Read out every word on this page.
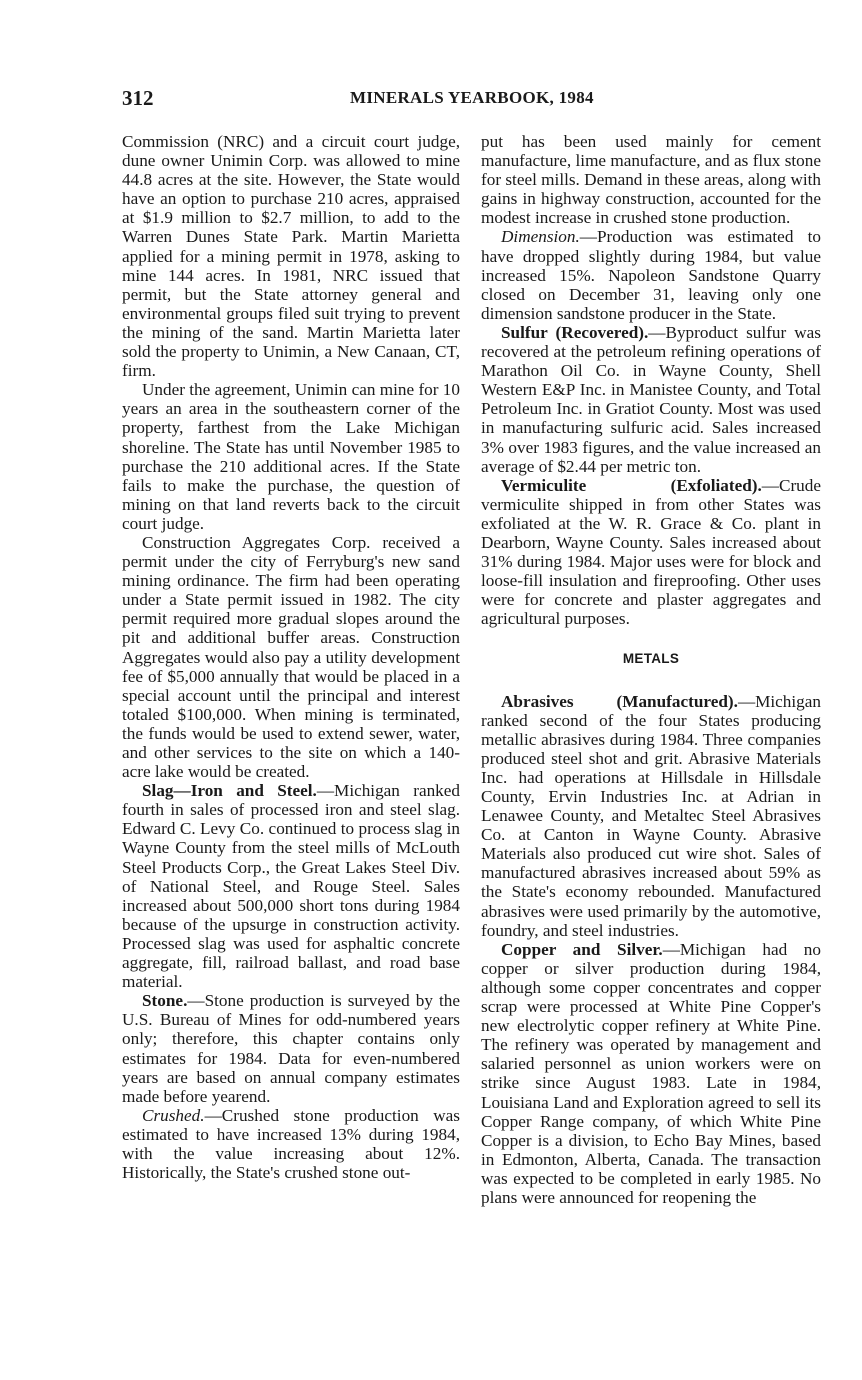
312	MINERALS YEARBOOK, 1984

Commission (NRC) and a circuit court judge, dune owner Unimin Corp. was allowed to mine 44.8 acres at the site. However, the State would have an option to purchase 210 acres, appraised at $1.9 million to $2.7 million, to add to the Warren Dunes State Park. Martin Marietta applied for a mining permit in 1978, asking to mine 144 acres. In 1981, NRC issued that permit, but the State attorney general and environmental groups filed suit trying to prevent the mining of the sand. Martin Marietta later sold the property to Unimin, a New Canaan, CT, firm.

Under the agreement, Unimin can mine for 10 years an area in the southeastern corner of the property, farthest from the Lake Michigan shoreline. The State has until November 1985 to purchase the 210 additional acres. If the State fails to make the purchase, the question of mining on that land reverts back to the circuit court judge.

Construction Aggregates Corp. received a permit under the city of Ferryburg's new sand mining ordinance. The firm had been operating under a State permit issued in 1982. The city permit required more gradual slopes around the pit and additional buffer areas. Construction Aggregates would also pay a utility development fee of $5,000 annually that would be placed in a special account until the principal and interest totaled $100,000. When mining is terminated, the funds would be used to extend sewer, water, and other services to the site on which a 140-acre lake would be created.

Slag—Iron and Steel.—Michigan ranked fourth in sales of processed iron and steel slag. Edward C. Levy Co. continued to process slag in Wayne County from the steel mills of McLouth Steel Products Corp., the Great Lakes Steel Div. of National Steel, and Rouge Steel. Sales increased about 500,000 short tons during 1984 because of the upsurge in construction activity. Processed slag was used for asphaltic concrete aggregate, fill, railroad ballast, and road base material.

Stone.—Stone production is surveyed by the U.S. Bureau of Mines for odd-numbered years only; therefore, this chapter contains only estimates for 1984. Data for even-numbered years are based on annual company estimates made before yearend.

Crushed.—Crushed stone production was estimated to have increased 13% during 1984, with the value increasing about 12%. Historically, the State's crushed stone out-

put has been used mainly for cement manufacture, lime manufacture, and as flux stone for steel mills. Demand in these areas, along with gains in highway construction, accounted for the modest increase in crushed stone production.

Dimension.—Production was estimated to have dropped slightly during 1984, but value increased 15%. Napoleon Sandstone Quarry closed on December 31, leaving only one dimension sandstone producer in the State.

Sulfur (Recovered).—Byproduct sulfur was recovered at the petroleum refining operations of Marathon Oil Co. in Wayne County, Shell Western E&P Inc. in Manistee County, and Total Petroleum Inc. in Gratiot County. Most was used in manufacturing sulfuric acid. Sales increased 3% over 1983 figures, and the value increased an average of $2.44 per metric ton.

Vermiculite (Exfoliated).—Crude vermiculite shipped in from other States was exfoliated at the W. R. Grace & Co. plant in Dearborn, Wayne County. Sales increased about 31% during 1984. Major uses were for block and loose-fill insulation and fireproofing. Other uses were for concrete and plaster aggregates and agricultural purposes.

METALS

Abrasives (Manufactured).—Michigan ranked second of the four States producing metallic abrasives during 1984. Three companies produced steel shot and grit. Abrasive Materials Inc. had operations at Hillsdale in Hillsdale County, Ervin Industries Inc. at Adrian in Lenawee County, and Metaltec Steel Abrasives Co. at Canton in Wayne County. Abrasive Materials also produced cut wire shot. Sales of manufactured abrasives increased about 59% as the State's economy rebounded. Manufactured abrasives were used primarily by the automotive, foundry, and steel industries.

Copper and Silver.—Michigan had no copper or silver production during 1984, although some copper concentrates and copper scrap were processed at White Pine Copper's new electrolytic copper refinery at White Pine. The refinery was operated by management and salaried personnel as union workers were on strike since August 1983. Late in 1984, Louisiana Land and Exploration agreed to sell its Copper Range company, of which White Pine Copper is a division, to Echo Bay Mines, based in Edmonton, Alberta, Canada. The transaction was expected to be completed in early 1985. No plans were announced for reopening the
